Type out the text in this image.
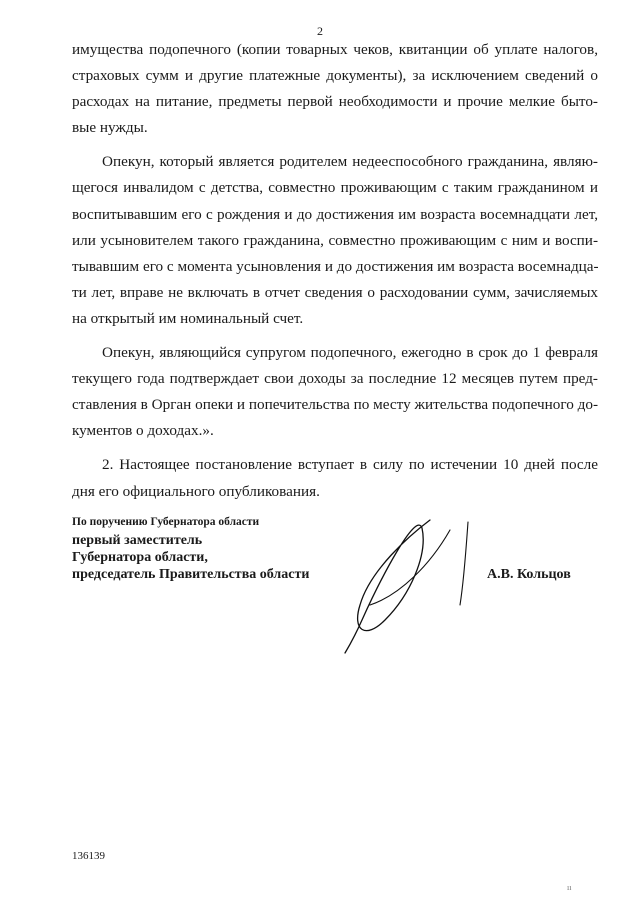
2
имущества подопечного (копии товарных чеков, квитанции об уплате налогов,
страховых сумм и другие платежные документы), за исключением сведений о
расходах на питание, предметы первой необходимости и прочие мелкие быто-
вые нужды.
Опекун, который является родителем недееспособного гражданина, являю-
щегося инвалидом с детства, совместно проживающим с таким гражданином и
воспитывавшим его с рождения и до достижения им возраста восемнадцати лет,
или усыновителем такого гражданина, совместно проживающим с ним и воспи-
тывавшим его с момента усыновления и до достижения им возраста восемнадца-
ти лет, вправе не включать в отчет сведения о расходовании сумм, зачисляемых
на открытый им номинальный счет.
Опекун, являющийся супругом подопечного, ежегодно в срок до 1 февраля
текущего года подтверждает свои доходы за последние 12 месяцев путем пред-
ставления в Орган опеки и попечительства по месту жительства подопечного до-
кументов о доходах.».
2. Настоящее постановление вступает в силу по истечении 10 дней после
дня его официального опубликования.
По поручению Губернатора области
первый заместитель
Губернатора области,
председатель Правительства области	А.В. Кольцов
136139
ıı
